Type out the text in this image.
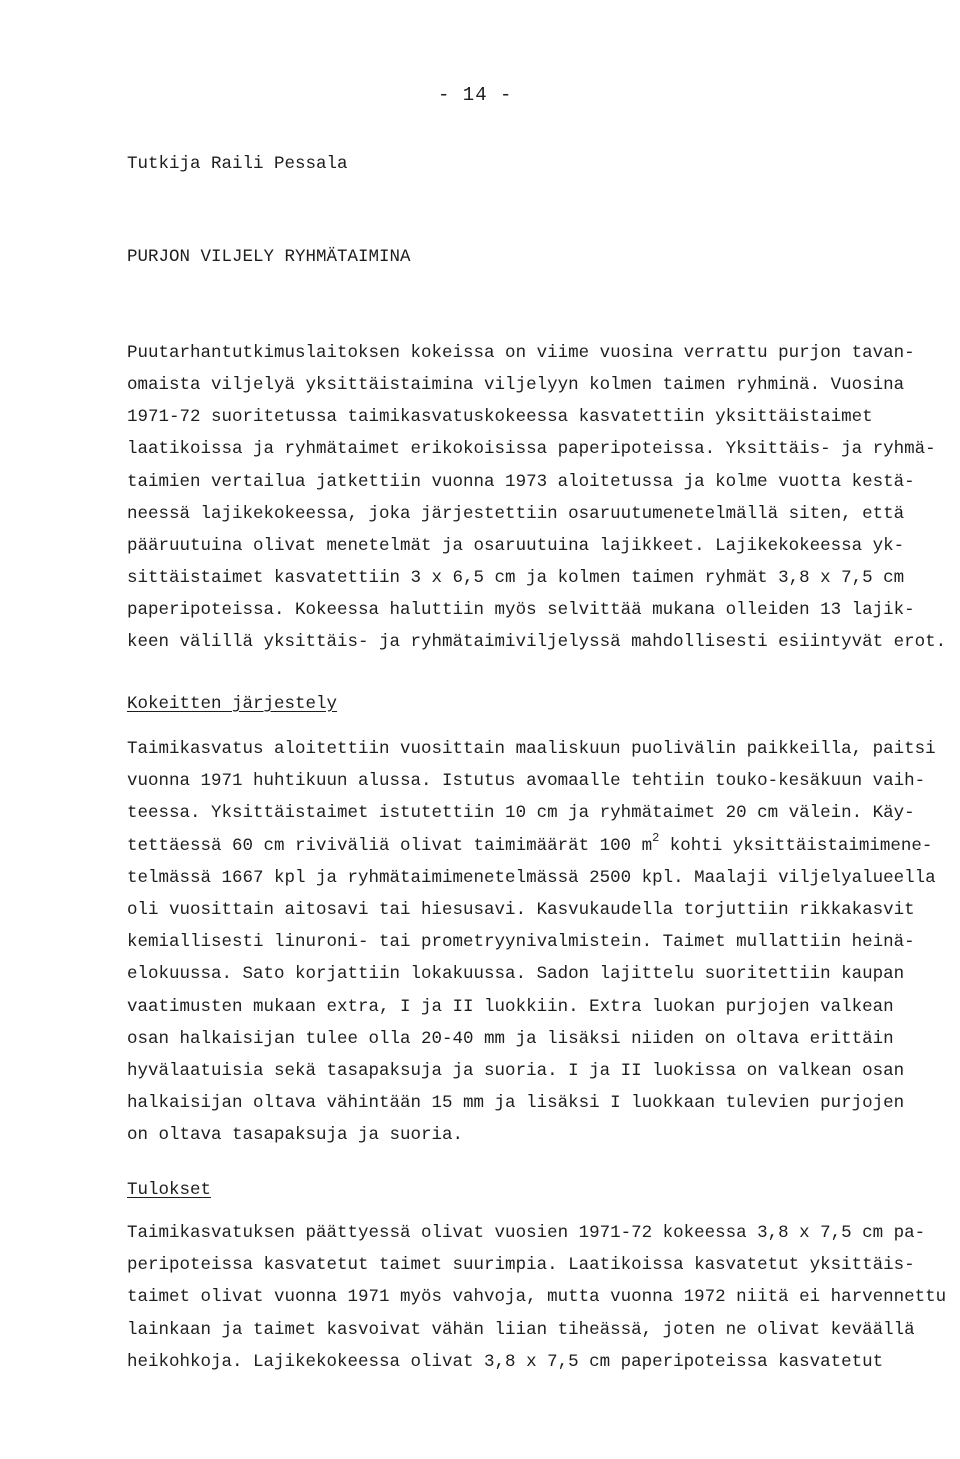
- 14 -
Tutkija Raili Pessala
PURJON VILJELY RYHMÄTAIMINA
Puutarhantutkimuslaitoksen kokeissa on viime vuosina verrattu purjon tavan-
omaista viljelyä yksittäistaimina viljelyyn kolmen taimen ryhminä. Vuosina
1971-72 suoritetussa taimikasvatuskokeessa kasvatettiin yksittäistaimet
laatikoissa ja ryhmätaimet erikokoisissa paperipoteissa. Yksittäis- ja ryhmä-
taimien vertailua jatkettiin vuonna 1973 aloitetussa ja kolme vuotta kestä-
neessä lajikekokeessa, joka järjestettiin osaruutumenetelmällä siten, että
pääruutuina olivat menetelmät ja osaruutuina lajikkeet. Lajikekokeessa yk-
sittäistaimet kasvatettiin 3 x 6,5 cm ja kolmen taimen ryhmät 3,8 x 7,5 cm
paperipoteissa. Kokeessa haluttiin myös selvittää mukana olleiden 13 lajik-
keen välillä yksittäis- ja ryhmätaimiviljelyssä mahdollisesti esiintyvät erot.
Kokeitten järjestely
Taimikasvatus aloitettiin vuosittain maaliskuun puolivälin paikkeilla, paitsi
vuonna 1971 huhtikuun alussa. Istutus avomaalle tehtiin touko-kesäkuun vaih-
teessa. Yksittäistaimet istutettiin 10 cm ja ryhmätaimet 20 cm välein. Käy-
tettäessä 60 cm riviväliä olivat taimimäärät 100 $m^2$ kohti yksittäistaimimene-
telmässä 1667 kpl ja ryhmätaimimenetelmässä 2500 kpl. Maalaji viljelyalueella
oli vuosittain aitosavi tai hiesusavi. Kasvukaudella torjuttiin rikkakasvit
kemiallisesti linuroni- tai prometryynivalmistein. Taimet mullattiin heinä-
elokuussa. Sato korjattiin lokakuussa. Sadon lajittelu suoritettiin kaupan
vaatimusten mukaan extra, I ja II luokkiin. Extra luokan purjojen valkean
osan halkaisijan tulee olla 20-40 mm ja lisäksi niiden on oltava erittäin
hyvälaatuisia sekä tasapaksuja ja suoria. I ja II luokissa on valkean osan
halkaisijan oltava vähintään 15 mm ja lisäksi I luokkaan tulevien purjojen
on oltava tasapaksuja ja suoria.
Tulokset
Taimikasvatuksen päättyessä olivat vuosien 1971-72 kokeessa 3,8 x 7,5 cm pa-
peripoteissa kasvatetut taimet suurimpia. Laatikoissa kasvatetut yksittäis-
taimet olivat vuonna 1971 myös vahvoja, mutta vuonna 1972 niitä ei harvennettu
lainkaan ja taimet kasvoivat vähän liian tiheässä, joten ne olivat keväällä
heikohkoja. Lajikekokeessa olivat 3,8 x 7,5 cm paperipoteissa kasvatetut
